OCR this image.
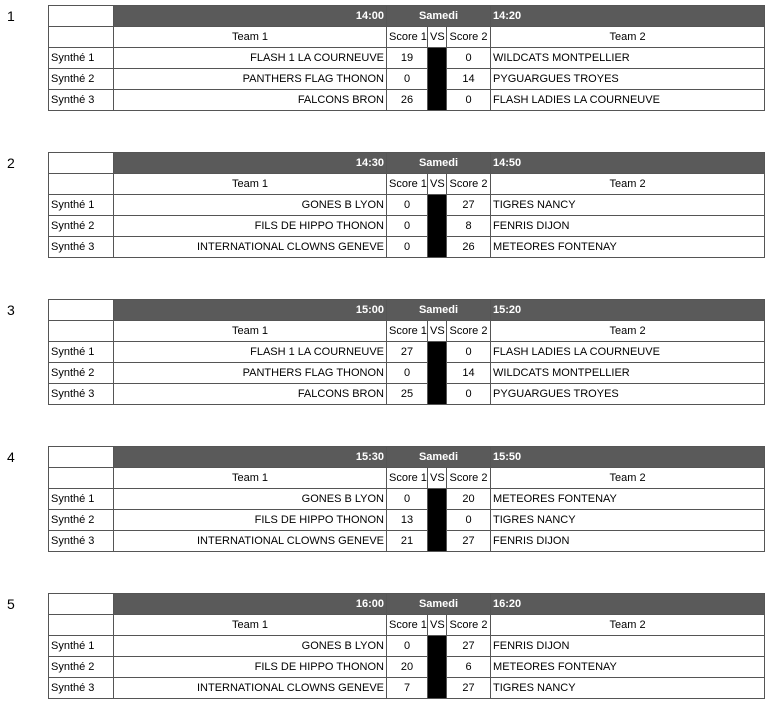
1
		14:00	Samedi			14:20
	Team 1	Score 1	VS	Score 2	Team 2
Synthé 1	FLASH 1 LA COURNEUVE	19		0	WILDCATS MONTPELLIER
Synthé 2	PANTHERS FLAG THONON	0		14	PYGUARGUES TROYES
Synthé 3	FALCONS BRON	26		0	FLASH LADIES LA COURNEUVE
2
		14:30	Samedi			14:50
	Team 1	Score 1	VS	Score 2	Team 2
Synthé 1	GONES B LYON	0		27	TIGRES NANCY
Synthé 2	FILS DE HIPPO THONON	0		8	FENRIS DIJON
Synthé 3	INTERNATIONAL CLOWNS GENEVE	0		26	METEORES FONTENAY
3
		15:00	Samedi			15:20
	Team 1	Score 1	VS	Score 2	Team 2
Synthé 1	FLASH 1 LA COURNEUVE	27		0	FLASH LADIES LA COURNEUVE
Synthé 2	PANTHERS FLAG THONON	0		14	WILDCATS MONTPELLIER
Synthé 3	FALCONS BRON	25		0	PYGUARGUES TROYES
4
		15:30	Samedi			15:50
	Team 1	Score 1	VS	Score 2	Team 2
Synthé 1	GONES B LYON	0		20	METEORES FONTENAY
Synthé 2	FILS DE HIPPO THONON	13		0	TIGRES NANCY
Synthé 3	INTERNATIONAL CLOWNS GENEVE	21		27	FENRIS DIJON
5
		16:00	Samedi			16:20
	Team 1	Score 1	VS	Score 2	Team 2
Synthé 1	GONES B LYON	0		27	FENRIS DIJON
Synthé 2	FILS DE HIPPO THONON	20		6	METEORES FONTENAY
Synthé 3	INTERNATIONAL CLOWNS GENEVE	7		27	TIGRES NANCY
